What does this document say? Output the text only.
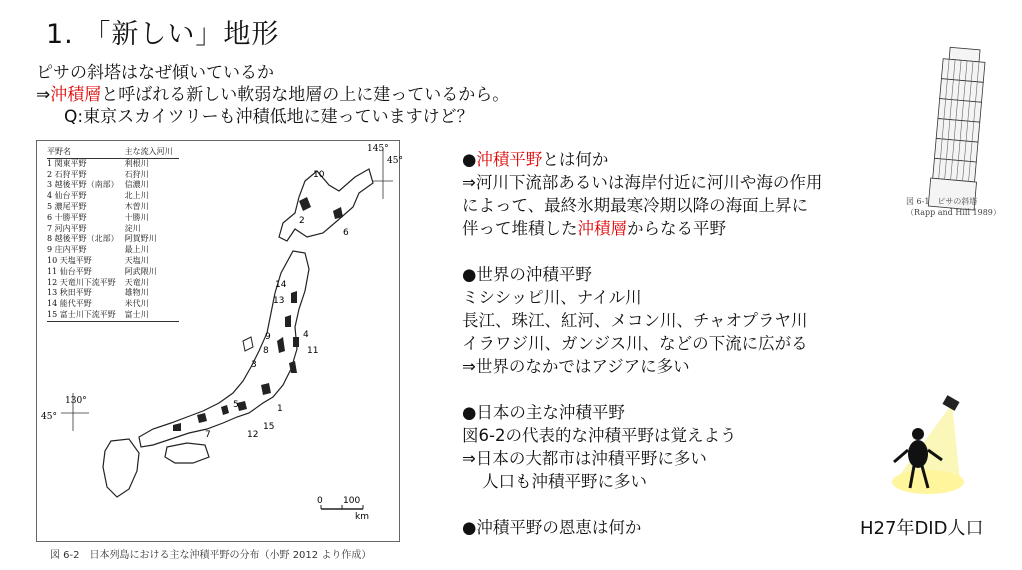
1. 「新しい」地形
ピサの斜塔はなぜ傾いているか
⇒沖積層と呼ばれる新しい軟弱な地層の上に建っているから。
Q:東京スカイツリーも沖積低地に建っていますけど？
平野名	主な流入河川
1 関東平野	利根川
2 石狩平野	石狩川
3 越後平野（南部）	信濃川
4 仙台平野	北上川
5 濃尾平野	木曽川
6 十勝平野	十勝川
7 河内平野	淀川
8 越後平野（北部）	阿賀野川
9 庄内平野	最上川
10 天塩平野	天塩川
11 仙台平野	阿武隈川
12 天竜川下流平野	天竜川
13 秋田平野	雄物川
14 能代平野	米代川
15 富士川下流平野	富士川
145°
45°
130°
45°
10
2
6
14
13
9
8
3
4
11
5	1
15
12
7
0 100
km
図 6-2　日本列島における主な沖積平野の分布（小野 2012 より作成）

●沖積平野とは何か

⇒河川下流部あるいは海岸付近に河川や海の作用

によって、最終氷期最寒冷期以降の海面上昇に

伴って堆積した沖積層からなる平野

●世界の沖積平野

ミシシッピ川、ナイル川

長江、珠江、紅河、メコン川、チャオプラヤ川

イラワジ川、ガンジス川、などの下流に広がる

⇒世界のなかではアジアに多い

●日本の主な沖積平野

図6-2の代表的な沖積平野は覚えよう

⇒日本の大都市は沖積平野に多い

人口も沖積平野に多い

●沖積平野の恩恵は何か

図 6-1　ピサの斜塔
（Rapp and Hill 1989）
H27年DID人口
